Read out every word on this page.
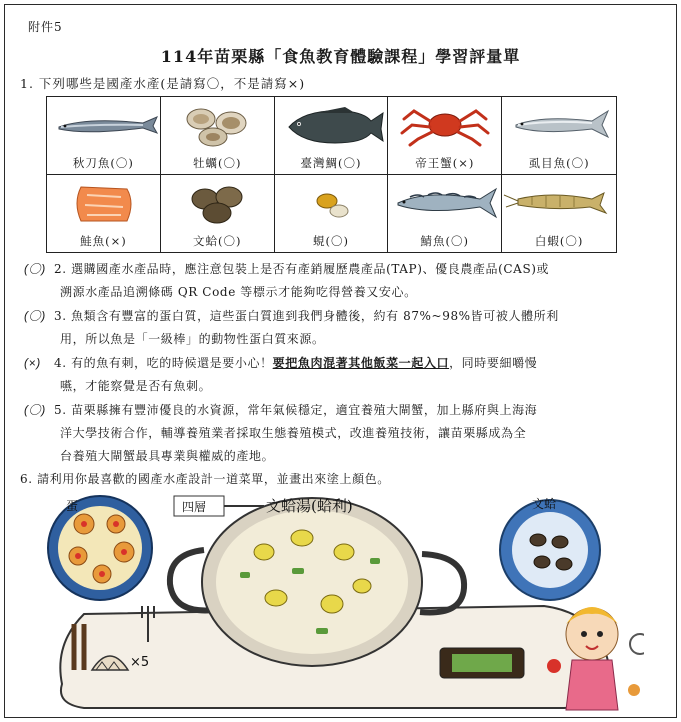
附件5
114年苗栗縣「食魚教育體驗課程」學習評量單
1. 下列哪些是國產水產(是請寫〇，不是請寫×)
秋刀魚(〇)	牡蠣(〇)	臺灣鯛(〇)	帝王蟹(×)	虱目魚(〇)
鮭魚(×)	文蛤(〇)	蜆(〇)	鯖魚(〇)	白蝦(〇)
(〇) 2. 選購國產水產品時，應注意包裝上是否有產銷履歷農產品(TAP)、優良農產品(CAS)或
溯源水產品追溯條碼 QR Code 等標示才能夠吃得營養又安心。
(〇) 3. 魚類含有豐富的蛋白質，這些蛋白質進到我們身體後，約有 87%~98%皆可被人體所利
用，所以魚是「一級棒」的動物性蛋白質來源。
(×) 4. 有的魚有刺，吃的時候還是要小心！要把魚肉混著其他飯菜一起入口，同時要細嚼慢
嚥，才能察覺是否有魚刺。
(〇) 5. 苗栗縣擁有豐沛優良的水資源，常年氣候穩定，適宜養殖大閘蟹，加上縣府與上海海
洋大學技術合作，輔導養殖業者採取生態養殖模式，改進養殖技術，讓苗栗縣成為全
台養殖大閘蟹最具專業與權威的產地。
6. 請利用你最喜歡的國產水產設計一道菜單，並畫出來塗上顏色。
蛋
×5
四層	文蛤湯(蛤利)	文蛤
